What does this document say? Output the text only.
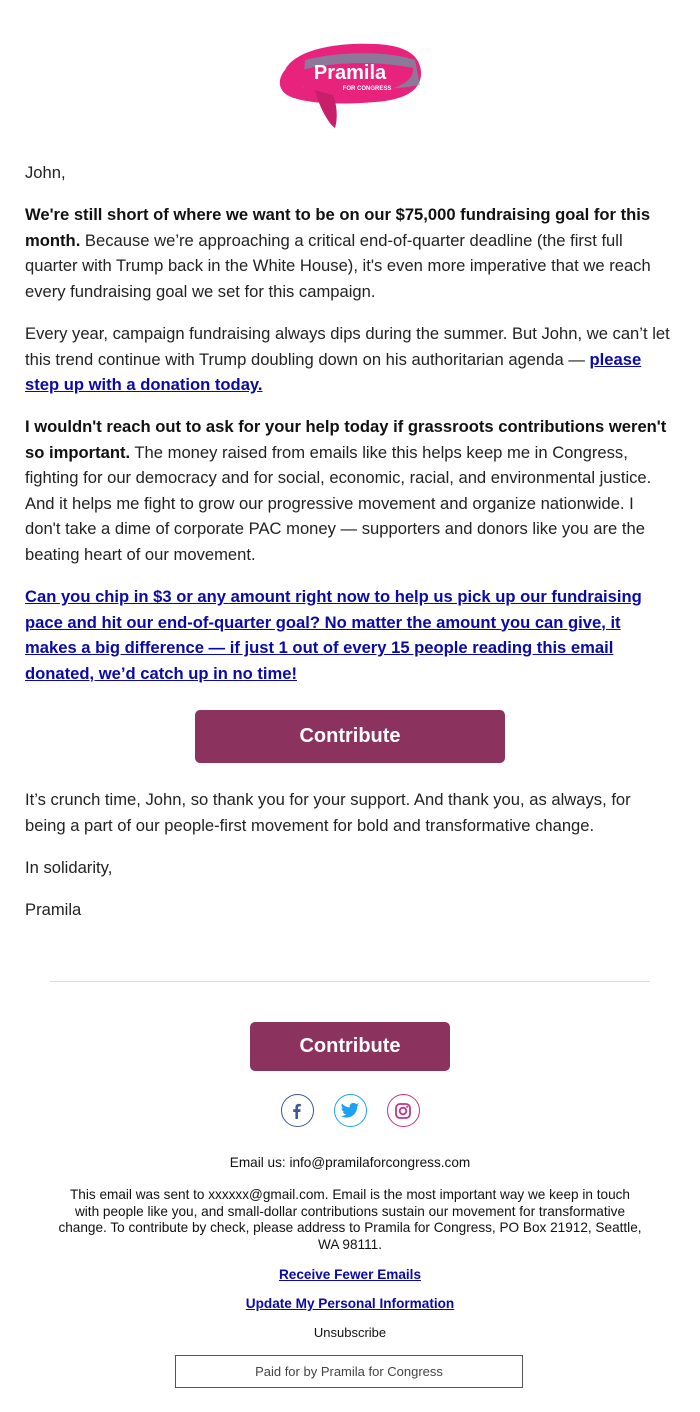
Pramila
FOR CONGRESS

John,

We're still short of where we want to be on our $75,000 fundraising goal for this month. Because we’re approaching a critical end-of-quarter deadline (the first full quarter with Trump back in the White House), it's even more imperative that we reach every fundraising goal we set for this campaign.

Every year, campaign fundraising always dips during the summer. But John, we can’t let this trend continue with Trump doubling down on his authoritarian agenda — please step up with a donation today.

I wouldn't reach out to ask for your help today if grassroots contributions weren't so important. The money raised from emails like this helps keep me in Congress, fighting for our democracy and for social, economic, racial, and environmental justice. And it helps me fight to grow our progressive movement and organize nationwide. I don't take a dime of corporate PAC money — supporters and donors like you are the beating heart of our movement.

Can you chip in $3 or any amount right now to help us pick up our fundraising pace and hit our end-of-quarter goal? No matter the amount you can give, it makes a big difference — if just 1 out of every 15 people reading this email donated, we’d catch up in no time!

Contribute

It’s crunch time, John, so thank you for your support. And thank you, as always, for being a part of our people-first movement for bold and transformative change.

In solidarity,

Pramila

Contribute
Email us: info@pramilaforcongress.com
This email was sent to xxxxxx@gmail.com. Email is the most important way we keep in touch with people like you, and small-dollar contributions sustain our movement for transformative change. To contribute by check, please address to Pramila for Congress, PO Box 21912, Seattle, WA 98111.
Receive Fewer Emails
Update My Personal Information
Unsubscribe
Paid for by Pramila for Congress
